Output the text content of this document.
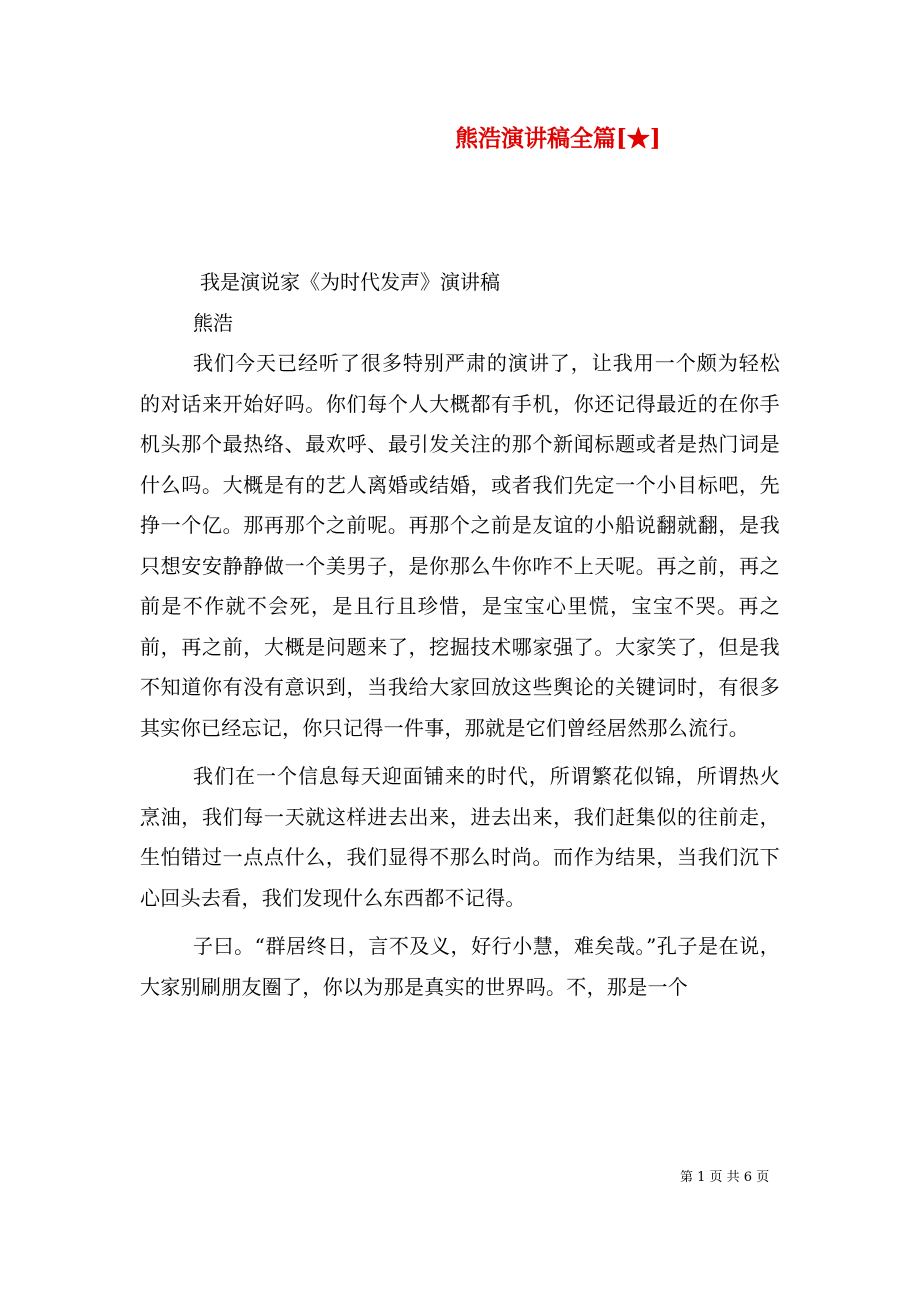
熊浩演讲稿全篇[★]

我是演说家《为时代发声》演讲稿

熊浩

我们今天已经听了很多特别严肃的演讲了，让我用一个颇为轻松的对话来开始好吗。你们每个人大概都有手机，你还记得最近的在你手机头那个最热络、最欢呼、最引发关注的那个新闻标题或者是热门词是什么吗。大概是有的艺人离婚或结婚，或者我们先定一个小目标吧，先挣一个亿。那再那个之前呢。再那个之前是友谊的小船说翻就翻，是我只想安安静静做一个美男子，是你那么牛你咋不上天呢。再之前，再之前是不作就不会死，是且行且珍惜，是宝宝心里慌，宝宝不哭。再之前，再之前，大概是问题来了，挖掘技术哪家强了。大家笑了，但是我不知道你有没有意识到，当我给大家回放这些舆论的关键词时，有很多其实你已经忘记，你只记得一件事，那就是它们曾经居然那么流行。

我们在一个信息每天迎面铺来的时代，所谓繁花似锦，所谓热火烹油，我们每一天就这样进去出来，进去出来，我们赶集似的往前走，生怕错过一点点什么，我们显得不那么时尚。而作为结果，当我们沉下心回头去看，我们发现什么东西都不记得。

子曰。“群居终日，言不及义，好行小慧，难矣哉。”孔子是在说，大家别刷朋友圈了，你以为那是真实的世界吗。不，那是一个

第 1 页 共 6 页
